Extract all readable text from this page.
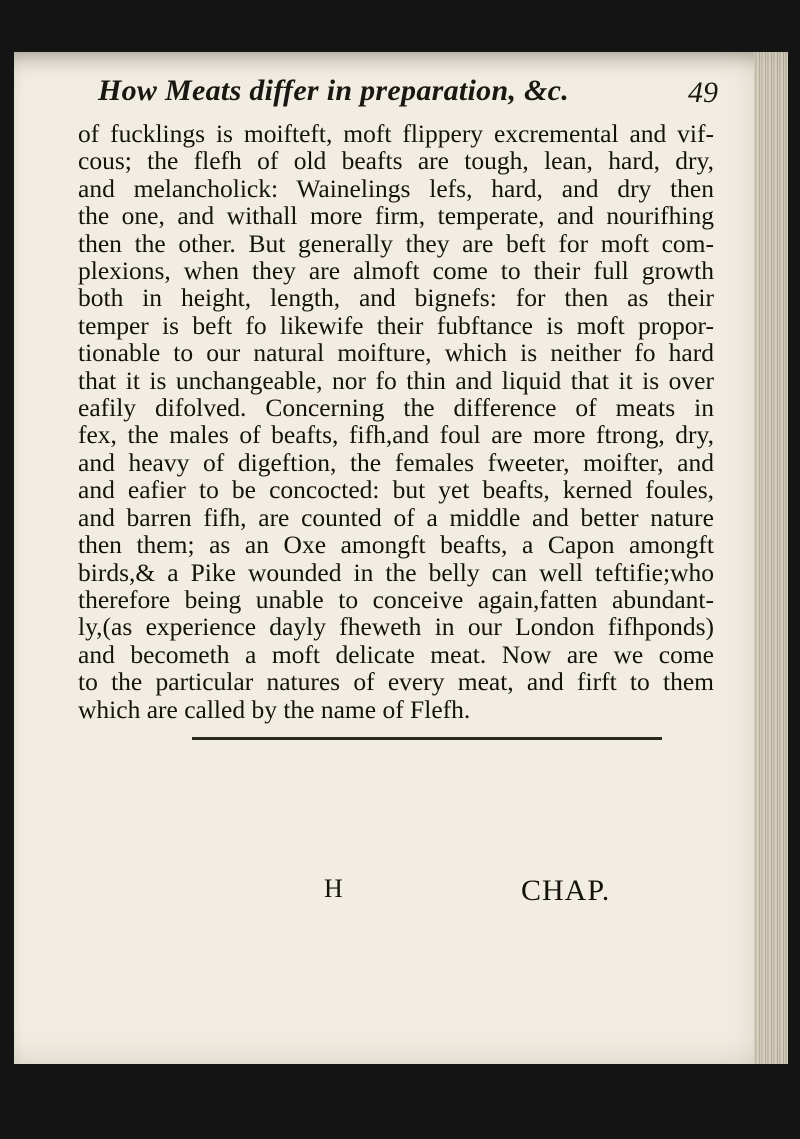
How Meats differ in preparation, &c.	49
of fucklings is moifteft, moft flippery excremental and vif-
cous; the flefh of old beafts are tough, lean, hard, dry,
and melancholick: Wainelings lefs, hard, and dry then
the one, and withall more firm, temperate, and nourifhing
then the other. But generally they are beft for moft com-
plexions, when they are almoft come to their full growth
both in height, length, and bignefs: for then as their
temper is beft fo likewife their fubftance is moft propor-
tionable to our natural moifture, which is neither fo hard
that it is unchangeable, nor fo thin and liquid that it is over
eafily difolved. Concerning the difference of meats in
fex, the males of beafts, fifh,and foul are more ftrong, dry,
and heavy of digeftion, the females fweeter, moifter, and
and eafier to be concocted: but yet beafts, kerned foules,
and barren fifh, are counted of a middle and better nature
then them; as an Oxe amongft beafts, a Capon amongft
birds,& a Pike wounded in the belly can well teftifie;who
therefore being unable to conceive again,fatten abundant-
ly,(as experience dayly fheweth in our London fifhponds)
and becometh a moft delicate meat. Now are we come
to the particular natures of every meat, and firft to them
which are called by the name of Flefh.
H	CHAP.
